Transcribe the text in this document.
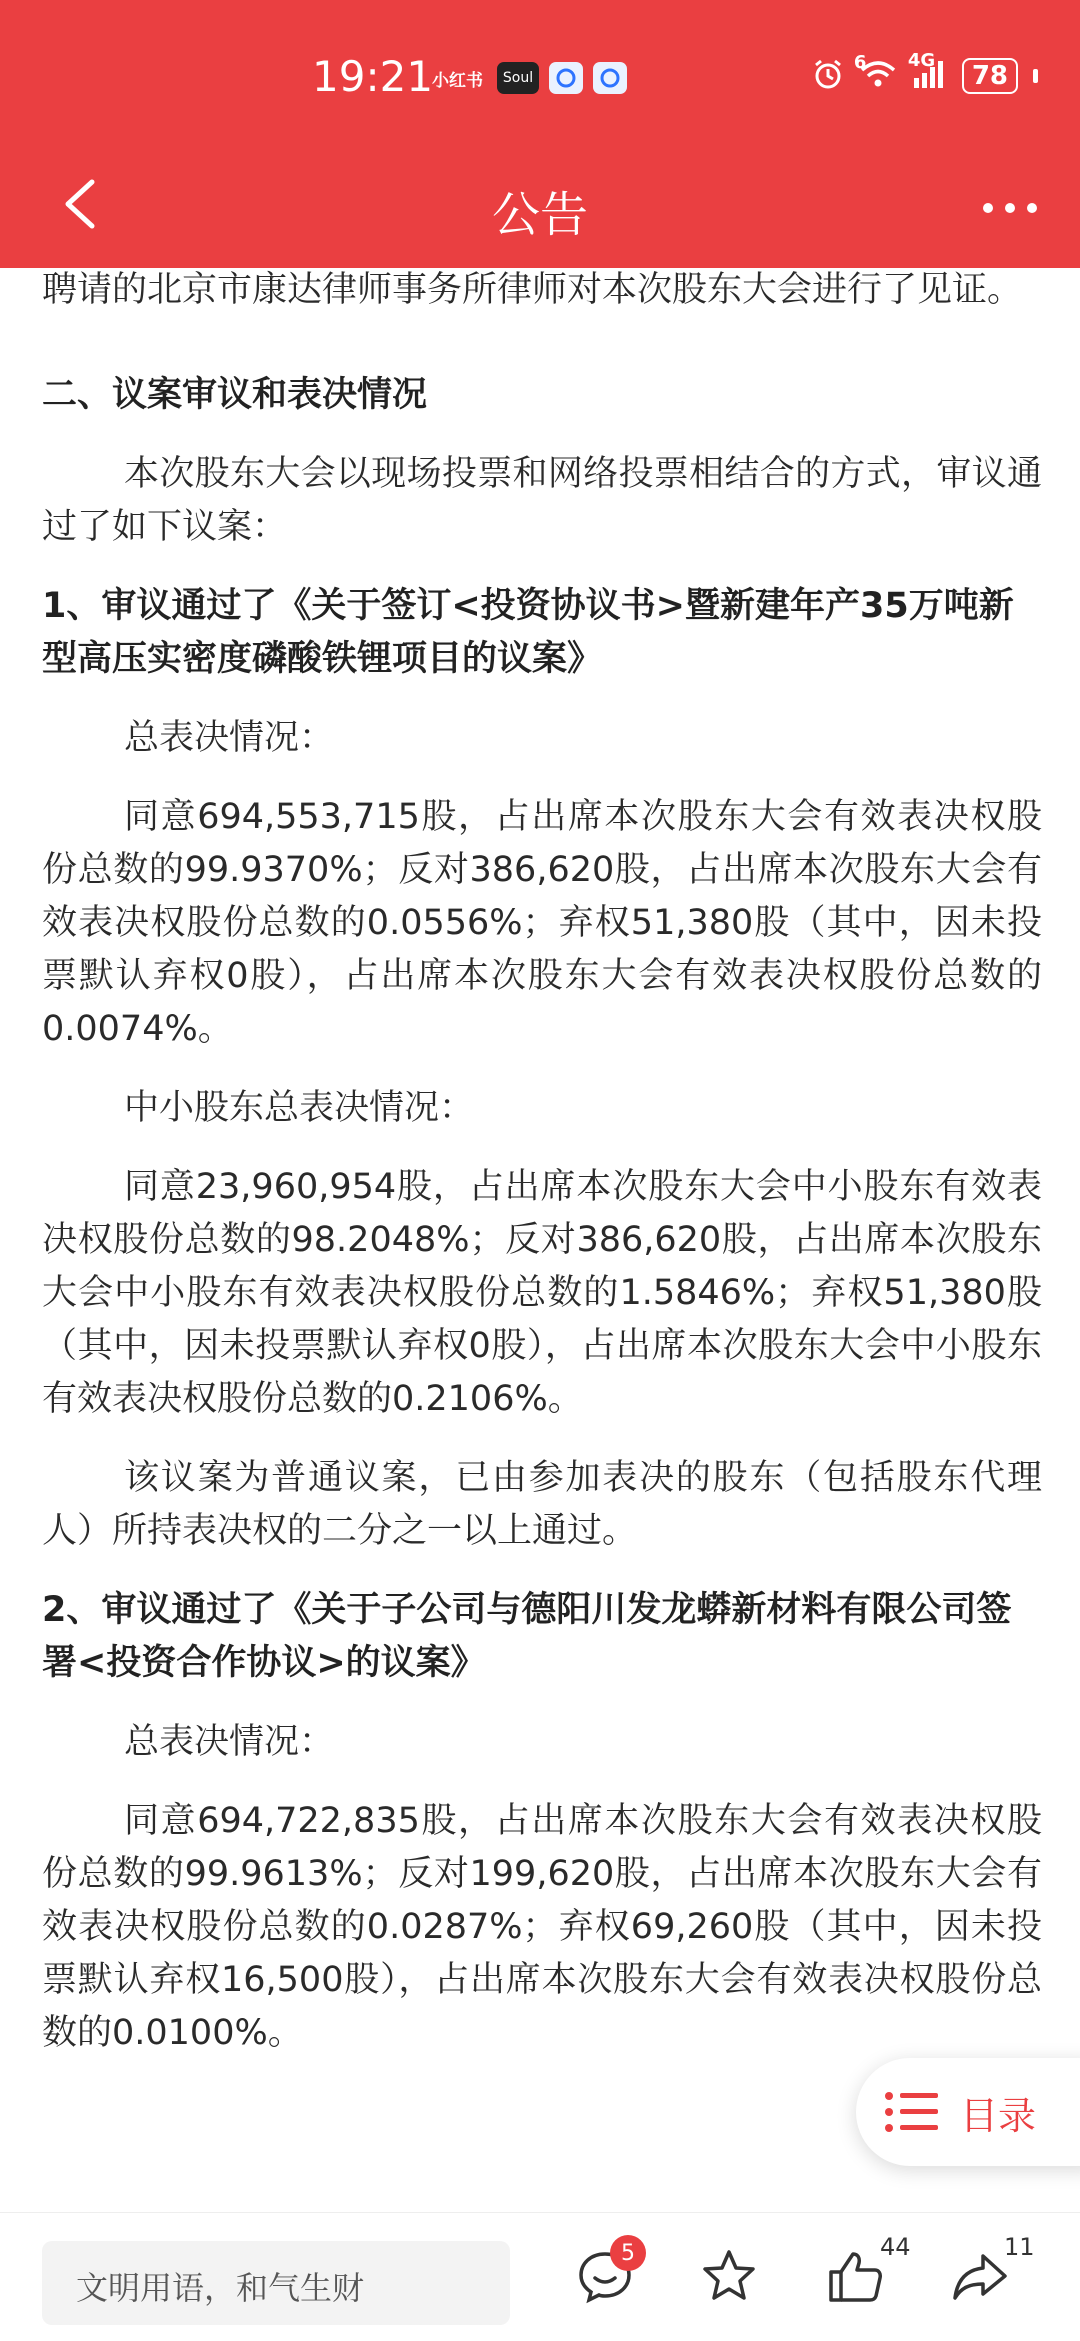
19:21
小红书	Soul
6 4G
78
公告

聘请的北京市康达律师事务所律师对本次股东大会进行了见证。

二、议案审议和表决情况

本次股东大会以现场投票和网络投票相结合的方式，审议通过了如下议案：

1、审议通过了《关于签订<投资协议书>暨新建年产35万吨新型高压实密度磷酸铁锂项目的议案》

总表决情况：

同意694,553,715股，占出席本次股东大会有效表决权股份总数的99.9370%；反对386,620股，占出席本次股东大会有效表决权股份总数的0.0556%；弃权51,380股（其中，因未投票默认弃权0股），占出席本次股东大会有效表决权股份总数的0.0074%。

中小股东总表决情况：

同意23,960,954股，占出席本次股东大会中小股东有效表决权股份总数的98.2048%；反对386,620股，占出席本次股东大会中小股东有效表决权股份总数的1.5846%；弃权51,380股（其中，因未投票默认弃权0股），占出席本次股东大会中小股东有效表决权股份总数的0.2106%。

该议案为普通议案，已由参加表决的股东（包括股东代理人）所持表决权的二分之一以上通过。

2、审议通过了《关于子公司与德阳川发龙蟒新材料有限公司签署<投资合作协议>的议案》

总表决情况：

同意694,722,835股，占出席本次股东大会有效表决权股份总数的99.9613%；反对199,620股，占出席本次股东大会有效表决权股份总数的0.0287%；弃权69,260股（其中，因未投票默认弃权16,500股），占出席本次股东大会有效表决权股份总数的0.0100%。

目录
文明用语，和气生财
5	44	11
